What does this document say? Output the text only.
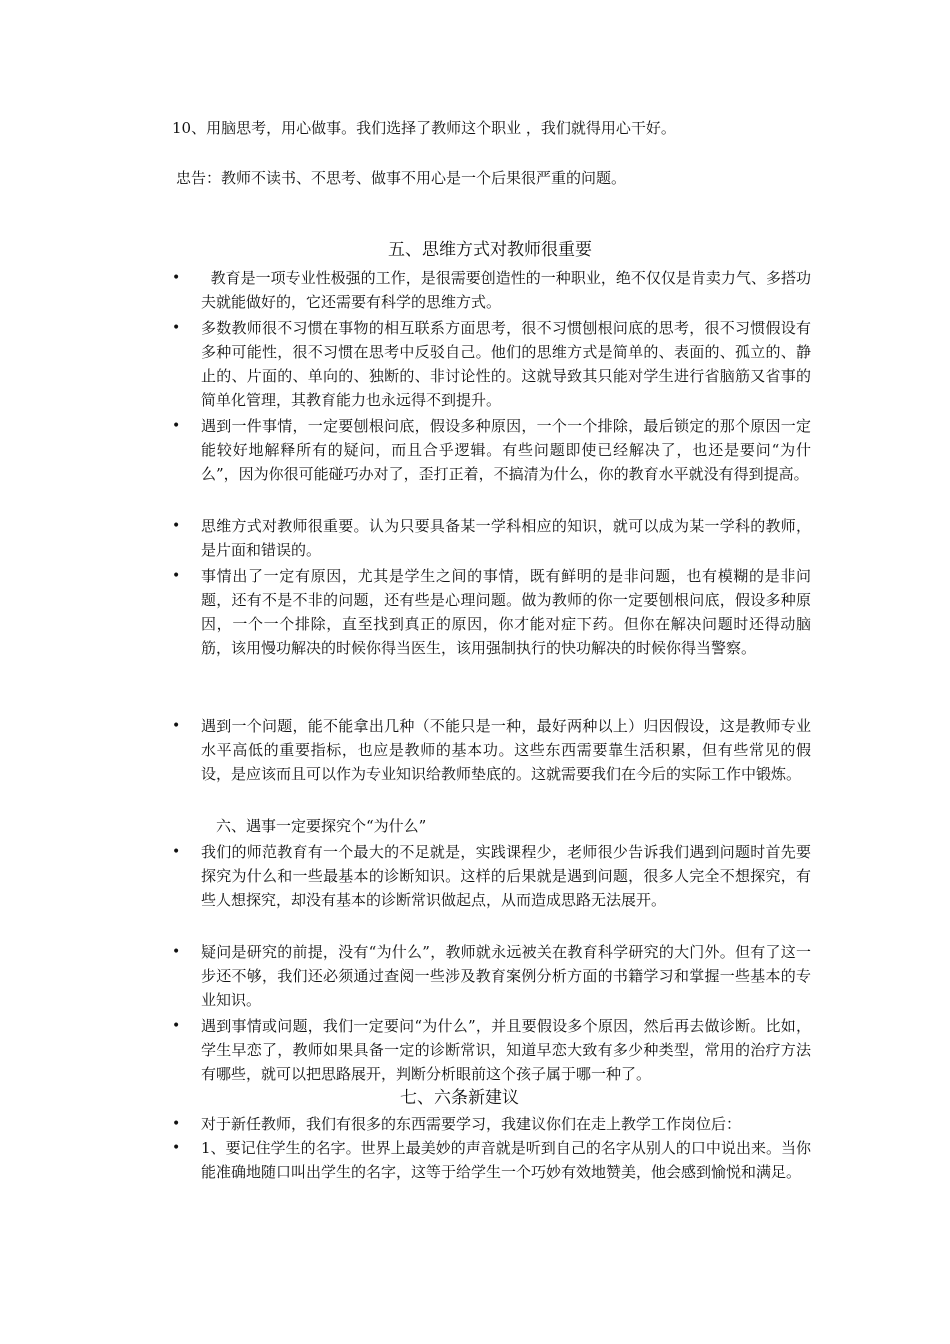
10、用脑思考，用心做事。我们选择了教师这个职业 ，我们就得用心干好。
忠告：教师不读书、不思考、做事不用心是一个后果很严重的问题。
五、思维方式对教师很重要
• 教育是一项专业性极强的工作，是很需要创造性的一种职业，绝不仅仅是肯卖力气、多搭功夫就能做好的，它还需要有科学的思维方式。
• 多数教师很不习惯在事物的相互联系方面思考，很不习惯刨根问底的思考，很不习惯假设有多种可能性，很不习惯在思考中反驳自己。他们的思维方式是简单的、表面的、孤立的、静止的、片面的、单向的、独断的、非讨论性的。这就导致其只能对学生进行省脑筋又省事的简单化管理，其教育能力也永远得不到提升。
• 遇到一件事情，一定要刨根问底，假设多种原因，一个一个排除，最后锁定的那个原因一定能较好地解释所有的疑问，而且合乎逻辑。有些问题即使已经解决了，也还是要问“为什么”，因为你很可能碰巧办对了，歪打正着，不搞清为什么，你的教育水平就没有得到提高。
• 思维方式对教师很重要。认为只要具备某一学科相应的知识，就可以成为某一学科的教师，是片面和错误的。
• 事情出了一定有原因，尤其是学生之间的事情，既有鲜明的是非问题，也有模糊的是非问题，还有不是不非的问题，还有些是心理问题。做为教师的你一定要刨根问底，假设多种原因，一个一个排除，直至找到真正的原因，你才能对症下药。但你在解决问题时还得动脑筋，该用慢功解决的时候你得当医生，该用强制执行的快功解决的时候你得当警察。
• 遇到一个问题，能不能拿出几种（不能只是一种，最好两种以上）归因假设，这是教师专业水平高低的重要指标，也应是教师的基本功。这些东西需要靠生活积累，但有些常见的假设，是应该而且可以作为专业知识给教师垫底的。这就需要我们在今后的实际工作中锻炼。
六、遇事一定要探究个“为什么”
• 我们的师范教育有一个最大的不足就是，实践课程少，老师很少告诉我们遇到问题时首先要探究为什么和一些最基本的诊断知识。这样的后果就是遇到问题，很多人完全不想探究，有些人想探究，却没有基本的诊断常识做起点，从而造成思路无法展开。
• 疑问是研究的前提，没有“为什么”，教师就永远被关在教育科学研究的大门外。但有了这一步还不够，我们还必须通过查阅一些涉及教育案例分析方面的书籍学习和掌握一些基本的专业知识。
• 遇到事情或问题，我们一定要问“为什么”，并且要假设多个原因，然后再去做诊断。比如，学生早恋了，教师如果具备一定的诊断常识，知道早恋大致有多少种类型，常用的治疗方法有哪些，就可以把思路展开，判断分析眼前这个孩子属于哪一种了。
七、六条新建议
• 对于新任教师，我们有很多的东西需要学习，我建议你们在走上教学工作岗位后：
• 1、要记住学生的名字。世界上最美妙的声音就是听到自己的名字从别人的口中说出来。当你能准确地随口叫出学生的名字，这等于给学生一个巧妙有效地赞美，他会感到愉悦和满足。
